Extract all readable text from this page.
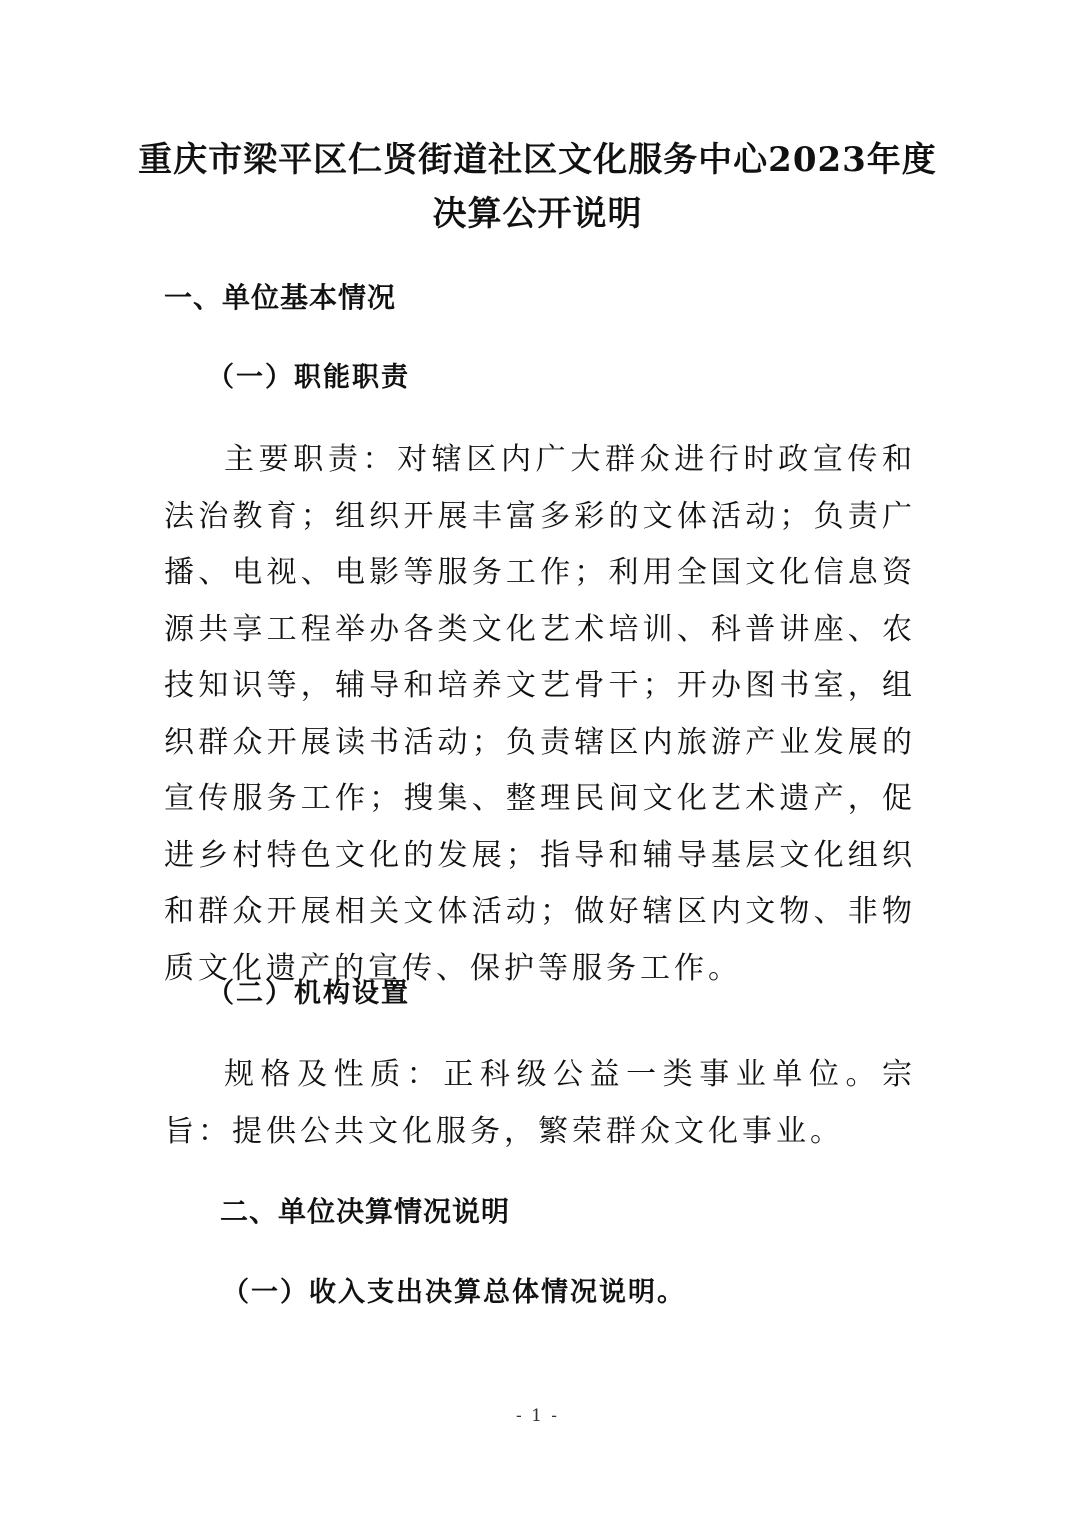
重庆市梁平区仁贤街道社区文化服务中心2023年度
决算公开说明
一、单位基本情况
（一）职能职责

主要职责：对辖区内广大群众进行时政宣传和法治教育；组织开展丰富多彩的文体活动；负责广播、电视、电影等服务工作；利用全国文化信息资源共享工程举办各类文化艺术培训、科普讲座、农技知识等，辅导和培养文艺骨干；开办图书室，组织群众开展读书活动；负责辖区内旅游产业发展的宣传服务工作；搜集、整理民间文化艺术遗产，促进乡村特色文化的发展；指导和辅导基层文化组织和群众开展相关文体活动；做好辖区内文物、非物质文化遗产的宣传、保护等服务工作。

（二）机构设置

规格及性质：正科级公益一类事业单位。宗旨：提供公共文化服务，繁荣群众文化事业。

二、单位决算情况说明
（一）收入支出决算总体情况说明。
- 1 -
